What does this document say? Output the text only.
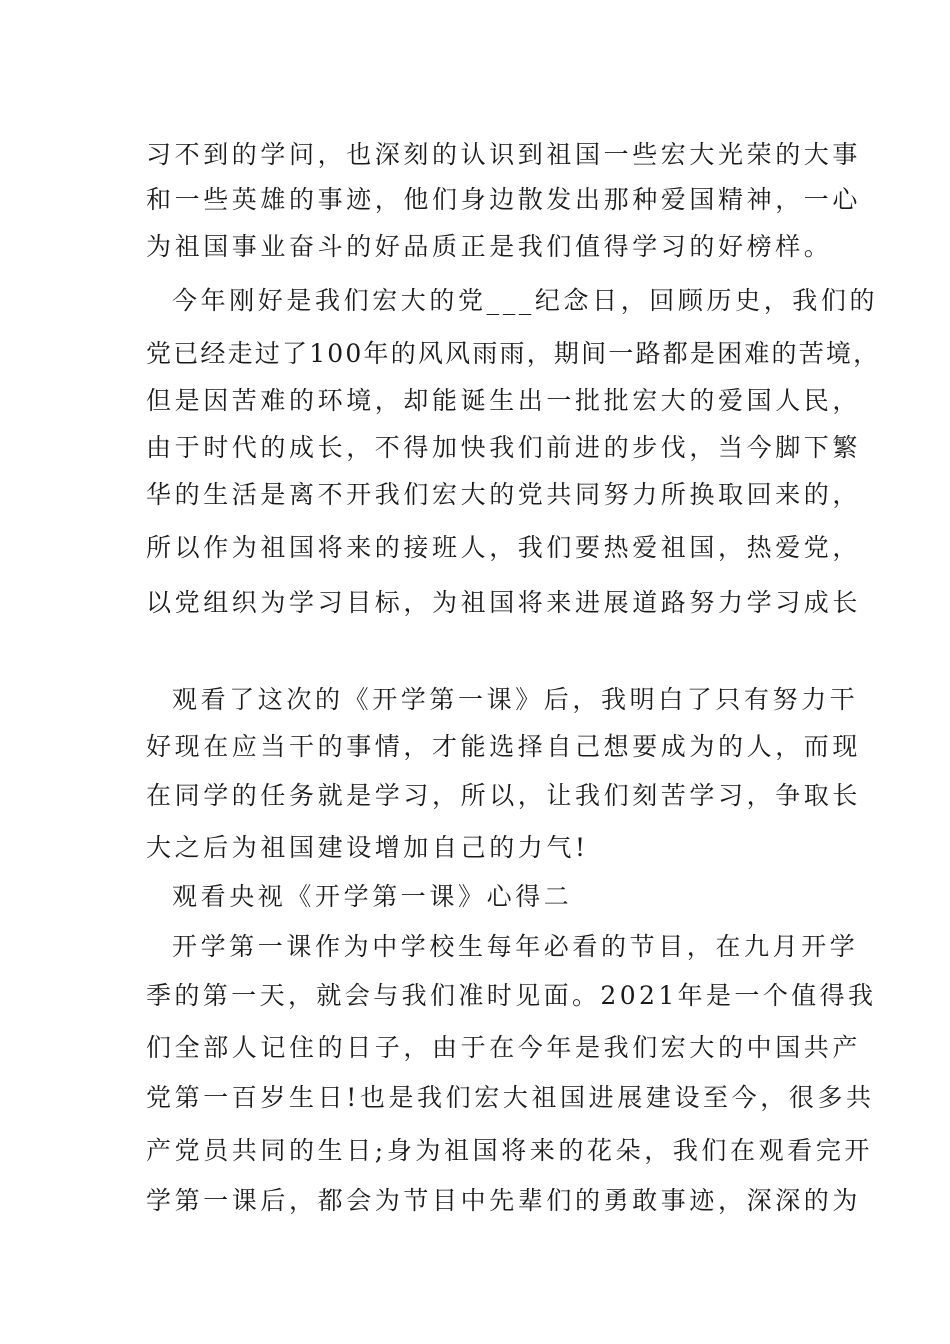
习不到的学问，也深刻的认识到祖国一些宏大光荣的大事
和一些英雄的事迹，他们身边散发出那种爱国精神，一心
为祖国事业奋斗的好品质正是我们值得学习的好榜样。
今年刚好是我们宏大的党___纪念日，回顾历史，我们的
党已经走过了100年的风风雨雨，期间一路都是困难的苦境，
但是因苦难的环境，却能诞生出一批批宏大的爱国人民，
由于时代的成长，不得加快我们前进的步伐，当今脚下繁
华的生活是离不开我们宏大的党共同努力所换取回来的，
所以作为祖国将来的接班人，我们要热爱祖国，热爱党，
以党组织为学习目标，为祖国将来进展道路努力学习成长
观看了这次的《开学第一课》后，我明白了只有努力干
好现在应当干的事情，才能选择自己想要成为的人，而现
在同学的任务就是学习，所以，让我们刻苦学习，争取长
大之后为祖国建设增加自己的力气!
观看央视《开学第一课》心得二
开学第一课作为中学校生每年必看的节目，在九月开学
季的第一天，就会与我们准时见面。2021年是一个值得我
们全部人记住的日子，由于在今年是我们宏大的中国共产
党第一百岁生日!也是我们宏大祖国进展建设至今，很多共
产党员共同的生日;身为祖国将来的花朵，我们在观看完开
学第一课后，都会为节目中先辈们的勇敢事迹，深深的为
